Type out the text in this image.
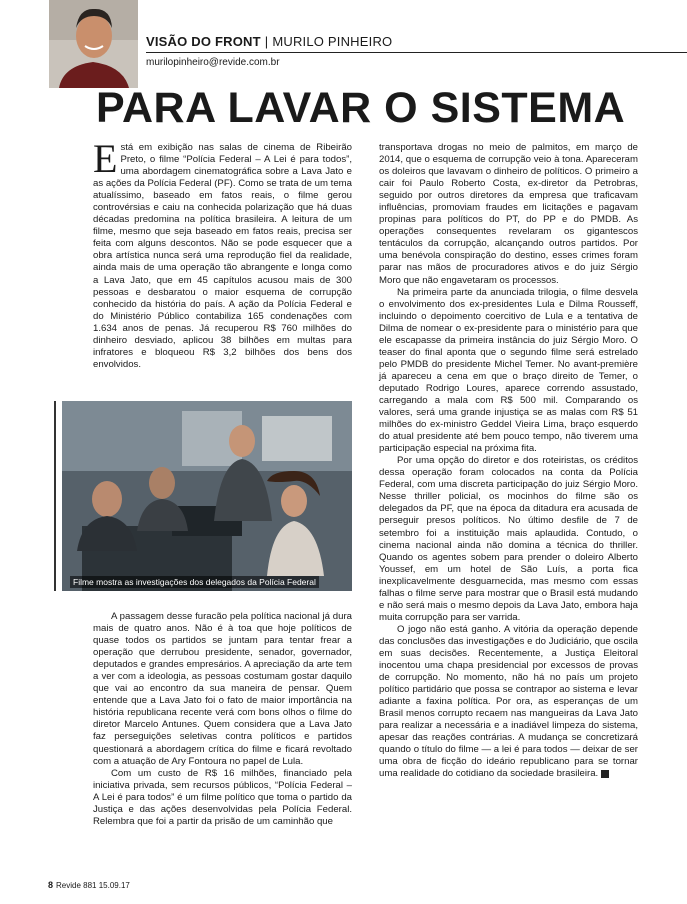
VISÃO DO FRONT | MURILO PINHEIRO
murilopinheiro@revide.com.br
PARA LAVAR O SISTEMA

Está em exibição nas salas de cinema de Ribeirão Preto, o filme “Polícia Federal – A Lei é para todos”, uma abordagem cinematográfica sobre a Lava Jato e as ações da Polícia Federal (PF). Como se trata de um tema atualíssimo, baseado em fatos reais, o filme gerou controvérsias e caiu na conhecida polarização que há duas décadas predomina na política brasileira. A leitura de um filme, mesmo que seja baseado em fatos reais, precisa ser feita com alguns descontos. Não se pode esquecer que a obra artística nunca será uma reprodução fiel da realidade, ainda mais de uma operação tão abrangente e longa como a Lava Jato, que em 45 capítulos acusou mais de 300 pessoas e desbaratou o maior esquema de corrupção conhecido da história do país. A ação da Polícia Federal e do Ministério Público contabiliza 165 condenações com 1.634 anos de penas. Já recuperou R$ 760 milhões do dinheiro desviado, aplicou 38 bilhões em multas para infratores e bloqueou R$ 3,2 bilhões dos bens dos envolvidos.

Filme mostra as investigações dos delegados da Polícia Federal

A passagem desse furacão pela política nacional já dura mais de quatro anos. Não é à toa que hoje políticos de quase todos os partidos se juntam para tentar frear a operação que derrubou presidente, senador, governador, deputados e grandes empresários. A apreciação da arte tem a ver com a ideologia, as pessoas costumam gostar daquilo que vai ao encontro da sua maneira de pensar. Quem entende que a Lava Jato foi o fato de maior importância na história republicana recente verá com bons olhos o filme do diretor Marcelo Antunes. Quem considera que a Lava Jato faz perseguições seletivas contra políticos e partidos questionará a abordagem crítica do filme e ficará revoltado com a atuação de Ary Fontoura no papel de Lula.

Com um custo de R$ 16 milhões, financiado pela iniciativa privada, sem recursos públicos, “Polícia Federal – A Lei é para todos” é um filme político que toma o partido da Justiça e das ações desenvolvidas pela Polícia Federal. Relembra que foi a partir da prisão de um caminhão que

transportava drogas no meio de palmitos, em março de 2014, que o esquema de corrupção veio à tona. Apareceram os doleiros que lavavam o dinheiro de políticos. O primeiro a cair foi Paulo Roberto Costa, ex-diretor da Petrobras, seguido por outros diretores da empresa que traficavam influências, promoviam fraudes em licitações e pagavam propinas para políticos do PT, do PP e do PMDB. As operações consequentes revelaram os gigantescos tentáculos da corrupção, alcançando outros partidos. Por uma benévola conspiração do destino, esses crimes foram parar nas mãos de procuradores ativos e do juiz Sérgio Moro que não engavetaram os processos.

Na primeira parte da anunciada trilogia, o filme desvela o envolvimento dos ex-presidentes Lula e Dilma Rousseff, incluindo o depoimento coercitivo de Lula e a tentativa de Dilma de nomear o ex-presidente para o ministério para que ele escapasse da primeira instância do juiz Sérgio Moro. O teaser do final aponta que o segundo filme será estrelado pelo PMDB do presidente Michel Temer. No avant-première já apareceu a cena em que o braço direito de Temer, o deputado Rodrigo Loures, aparece correndo assustado, carregando a mala com R$ 500 mil. Comparando os valores, será uma grande injustiça se as malas com R$ 51 milhões do ex-ministro Geddel Vieira Lima, braço esquerdo do atual presidente até bem pouco tempo, não tiverem uma participação especial na próxima fita.

Por uma opção do diretor e dos roteiristas, os créditos dessa operação foram colocados na conta da Polícia Federal, com uma discreta participação do juiz Sérgio Moro. Nesse thriller policial, os mocinhos do filme são os delegados da PF, que na época da ditadura era acusada de perseguir presos políticos. No último desfile de 7 de setembro foi a instituição mais aplaudida. Contudo, o cinema nacional ainda não domina a técnica do thriller. Quando os agentes sobem para prender o doleiro Alberto Youssef, em um hotel de São Luís, a porta fica inexplicavelmente desguarnecida, mas mesmo com essas falhas o filme serve para mostrar que o Brasil está mudando e não será mais o mesmo depois da Lava Jato, embora haja muita corrupção para ser varrida.

O jogo não está ganho. A vitória da operação depende das conclusões das investigações e do Judiciário, que oscila em suas decisões. Recentemente, a Justiça Eleitoral inocentou uma chapa presidencial por excessos de provas de corrupção. No momento, não há no país um projeto político partidário que possa se contrapor ao sistema e levar adiante a faxina política. Por ora, as esperanças de um Brasil menos corrupto recaem nas mangueiras da Lava Jato para realizar a necessária e a inadiável limpeza do sistema, apesar das reações contrárias. A mudança se concretizará quando o título do filme — a lei é para todos — deixar de ser uma obra de ficção do ideário republicano para se tornar uma realidade do cotidiano da sociedade brasileira.

8 Revide 881 15.09.17
